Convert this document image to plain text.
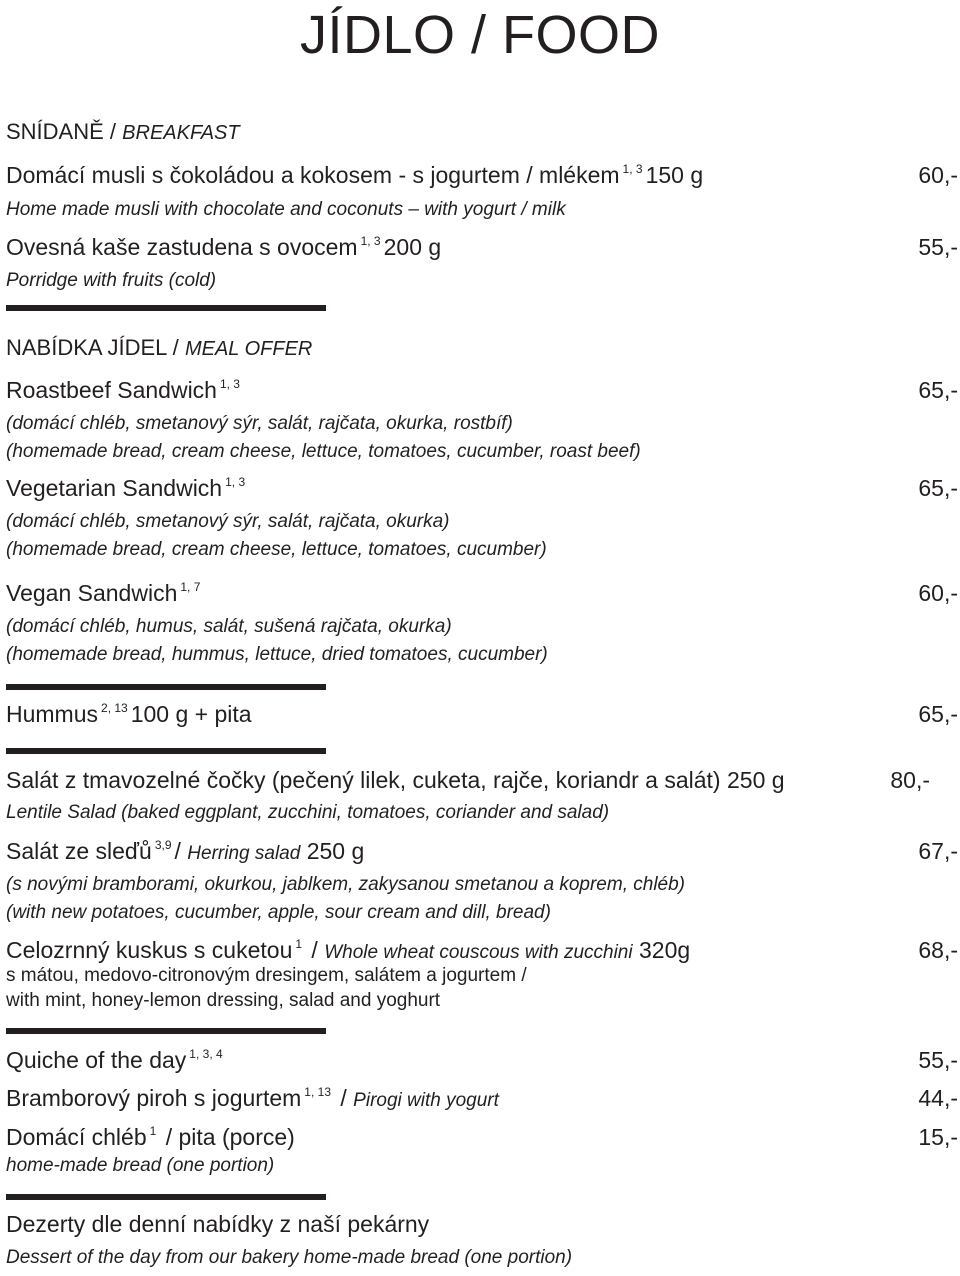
JÍDLO / FOOD
SNÍDANĚ / BREAKFAST
Domácí musli s čokoládou a kokosem - s jogurtem / mlékem $^{1, 3}$ 150 g	60,-
Home made musli with chocolate and coconuts – with yogurt / milk
Ovesná kaše zastudena s ovocem $^{1, 3}$ 200 g	55,-
Porridge with fruits (cold)
NABÍDKA JÍDEL / MEAL OFFER
Roastbeef Sandwich $^{1, 3}$	65,-
(domácí chléb, smetanový sýr, salát, rajčata, okurka, rostbíf)
(homemade bread, cream cheese, lettuce, tomatoes, cucumber, roast beef)
Vegetarian Sandwich $^{1, 3}$	65,-
(domácí chléb, smetanový sýr, salát, rajčata, okurka)
(homemade bread, cream cheese, lettuce, tomatoes, cucumber)
Vegan Sandwich $^{1, 7}$	60,-
(domácí chléb, humus, salát, sušená rajčata, okurka)
(homemade bread, hummus, lettuce, dried tomatoes, cucumber)
Hummus $^{2, 13}$ 100 g + pita	65,-
Salát z tmavozelné čočky (pečený lilek, cuketa, rajče, koriandr a salát) 250 g	80,-
Lentile Salad (baked eggplant, zucchini, tomatoes, coriander and salad)
Salát ze sleďů $^{3,9}$ / Herring salad 250 g	67,-
(s novými bramborami, okurkou, jablkem, zakysanou smetanou a koprem, chléb)
(with new potatoes, cucumber, apple, sour cream and dill, bread)
Celozrnný kuskus s cuketou $^1$ / Whole wheat couscous with zucchini 320g	68,-
s mátou, medovo-citronovým dresingem, salátem a jogurtem /
with mint, honey-lemon dressing, salad and yoghurt
Quiche of the day $^{1, 3, 4}$	55,-
Bramborový piroh s jogurtem $^{1, 13}$ / Pirogi with yogurt	44,-
Domácí chléb $^1$ / pita (porce)	15,-
home-made bread (one portion)
Dezerty dle denní nabídky z naší pekárny
Dessert of the day from our bakery home-made bread (one portion)
